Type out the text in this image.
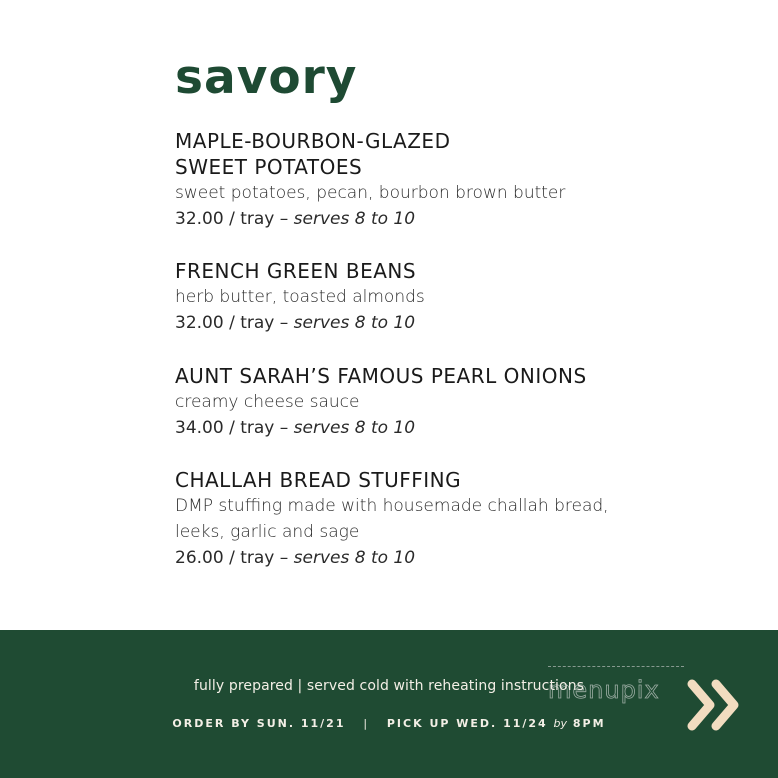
savory

MAPLE-BOURBON-GLAZED
SWEET POTATOES

sweet potatoes, pecan, bourbon brown butter

32.00 / tray – serves 8 to 10

FRENCH GREEN BEANS

herb butter, toasted almonds

32.00 / tray – serves 8 to 10

AUNT SARAH’S FAMOUS PEARL ONIONS

creamy cheese sauce

34.00 / tray – serves 8 to 10

CHALLAH BREAD STUFFING

DMP stuffing made with housemade challah bread,

leeks, garlic and sage

26.00 / tray – serves 8 to 10

fully prepared | served cold with reheating instructions
ORDER BY SUN. 11/21 | PICK UP WED. 11/24 by 8PM
menupix
